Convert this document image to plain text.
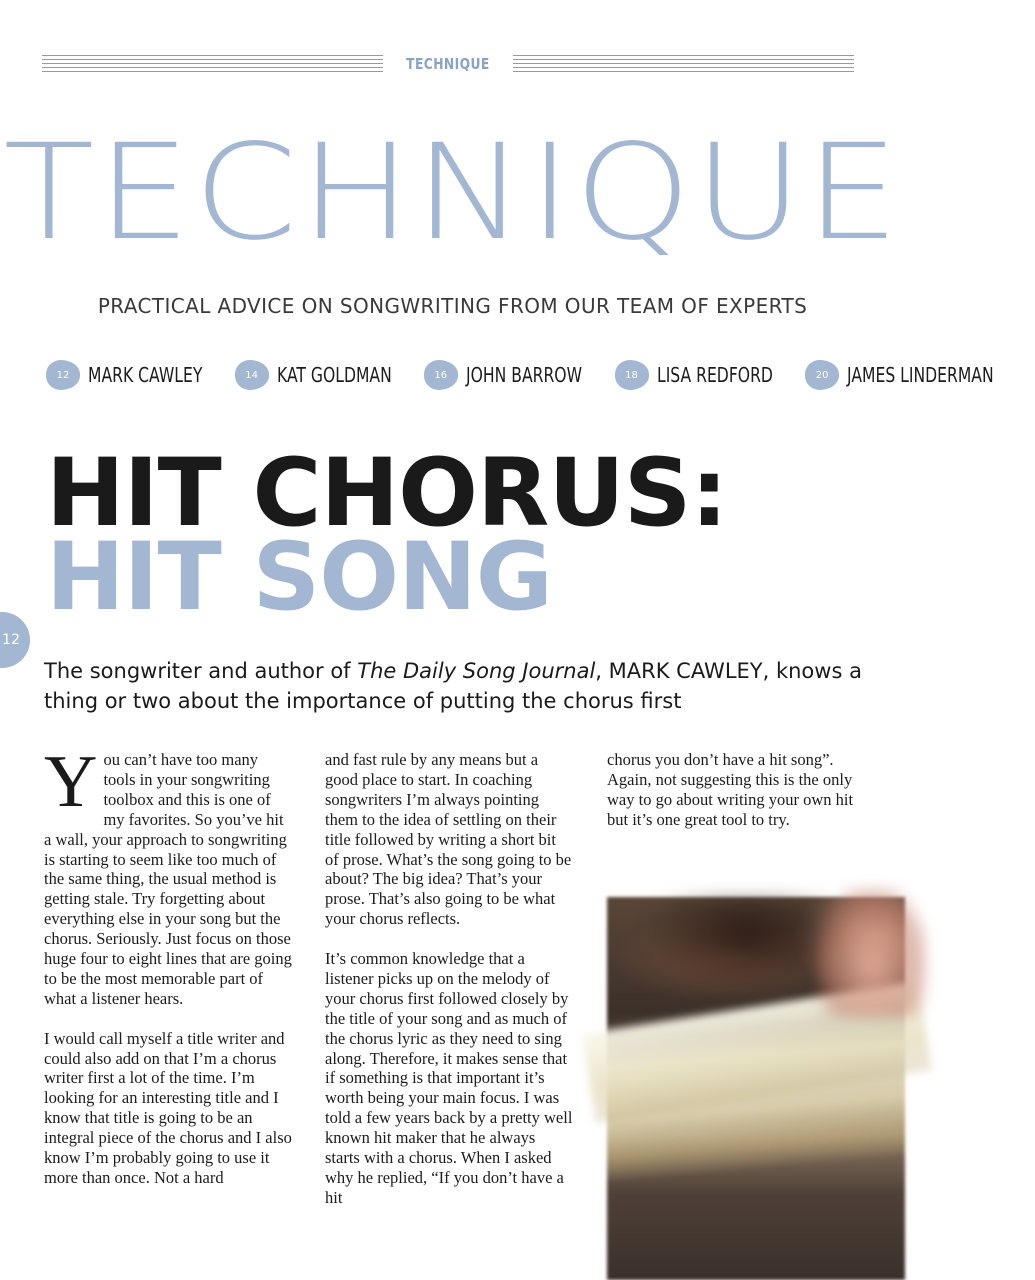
TECHNIQUE
TECHNIQUE
PRACTICAL ADVICE ON SONGWRITING FROM OUR TEAM OF EXPERTS
12 MARK CAWLEY	14 KAT GOLDMAN	16 JOHN BARROW	18 LISA REDFORD	20 JAMES LINDERMAN
HIT CHORUS:
HIT SONG
12
The songwriter and author of The Daily Song Journal, MARK CAWLEY, knows a thing or two about the importance of putting the chorus first

You can’t have too many tools in your songwriting toolbox and this is one of my favorites. So you’ve hit a wall, your approach to songwriting is starting to seem like too much of the same thing, the usual method is getting stale. Try forgetting about everything else in your song but the chorus. Seriously. Just focus on those huge four to eight lines that are going to be the most memorable part of what a listener hears.

I would call myself a title writer and could also add on that I’m a chorus writer first a lot of the time. I’m looking for an interesting title and I know that title is going to be an integral piece of the chorus and I also know I’m probably going to use it more than once. Not a hard

and fast rule by any means but a good place to start. In coaching songwriters I’m always pointing them to the idea of settling on their title followed by writing a short bit of prose. What’s the song going to be about? The big idea? That’s your prose. That’s also going to be what your chorus reflects.

It’s common knowledge that a listener picks up on the melody of your chorus first followed closely by the title of your song and as much of the chorus lyric as they need to sing along. Therefore, it makes sense that if something is that important it’s worth being your main focus. I was told a few years back by a pretty well known hit maker that he always starts with a chorus. When I asked why he replied, “If you don’t have a hit

chorus you don’t have a hit song”. Again, not suggesting this is the only way to go about writing your own hit but it’s one great tool to try.
